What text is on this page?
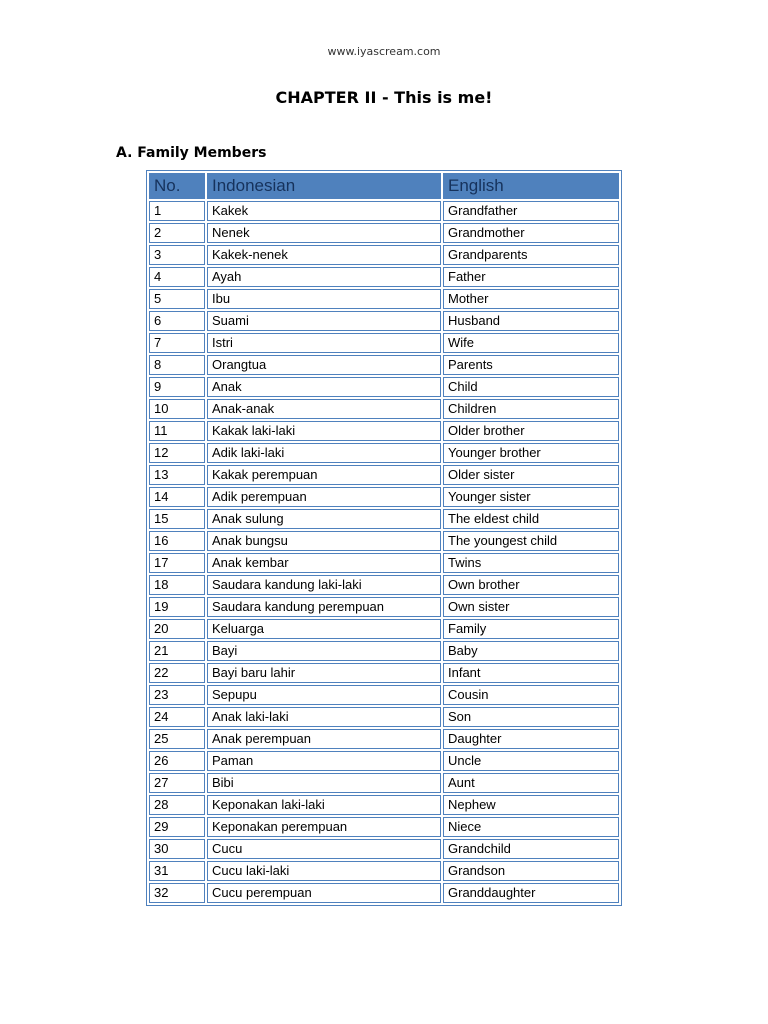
www.iyascream.com
CHAPTER II - This is me!
A. Family Members
No.	Indonesian	English
1	Kakek	Grandfather
2	Nenek	Grandmother
3	Kakek-nenek	Grandparents
4	Ayah	Father
5	Ibu	Mother
6	Suami	Husband
7	Istri	Wife
8	Orangtua	Parents
9	Anak	Child
10	Anak-anak	Children
11	Kakak laki-laki	Older brother
12	Adik laki-laki	Younger brother
13	Kakak perempuan	Older sister
14	Adik perempuan	Younger sister
15	Anak sulung	The eldest child
16	Anak bungsu	The youngest child
17	Anak kembar	Twins
18	Saudara kandung laki-laki	Own brother
19	Saudara kandung perempuan	Own sister
20	Keluarga	Family
21	Bayi	Baby
22	Bayi baru lahir	Infant
23	Sepupu	Cousin
24	Anak laki-laki	Son
25	Anak perempuan	Daughter
26	Paman	Uncle
27	Bibi	Aunt
28	Keponakan laki-laki	Nephew
29	Keponakan perempuan	Niece
30	Cucu	Grandchild
31	Cucu laki-laki	Grandson
32	Cucu perempuan	Granddaughter
